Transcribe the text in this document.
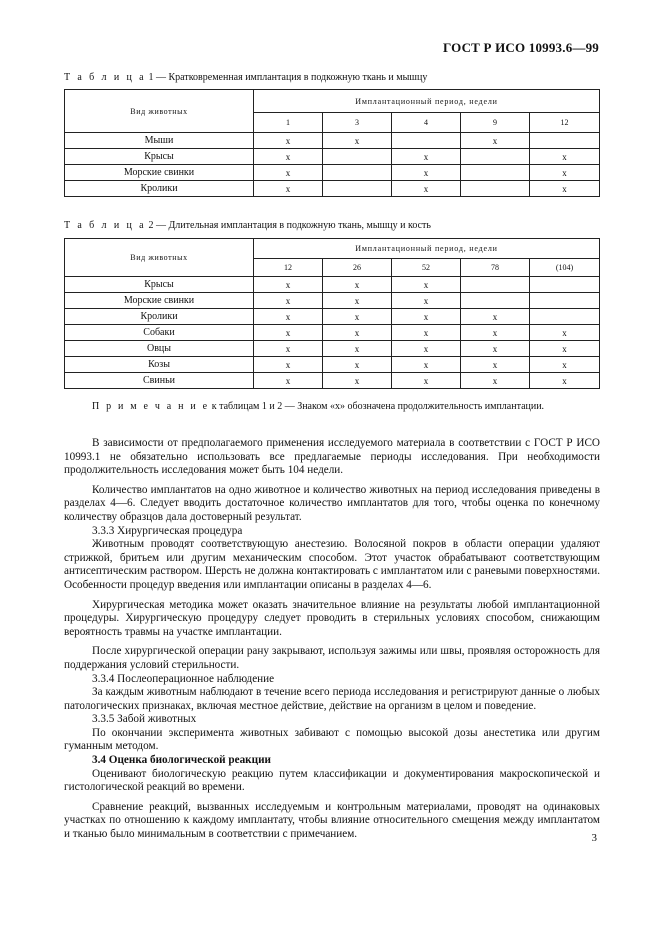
ГОСТ Р ИСО 10993.6—99
Т а б л и ц а 1 — Кратковременная имплантация в подкожную ткань и мышцу
Вид животных	Имплантационный период, недели				
	1	3	4	9	12
Мыши	x	x		x	
Крысы	x		x		x
Морские свинки	x		x		x
Кролики	x		x		x
Т а б л и ц а 2 — Длительная имплантация в подкожную ткань, мышцу и кость
Вид животных	Имплантационный период, недели				
	12	26	52	78	(104)
Крысы	x	x	x		
Морские свинки	x	x	x		
Кролики	x	x	x	x	
Собаки	x	x	x	x	x
Овцы	x	x	x	x	x
Козы	x	x	x	x	x
Свиньи	x	x	x	x	x
П р и м е ч а н и е к таблицам 1 и 2 — Знаком «х» обозначена продолжительность имплантации.

В зависимости от предполагаемого применения исследуемого материала в соответствии с ГОСТ Р ИСО 10993.1 не обязательно использовать все предлагаемые периоды исследования. При необходимости продолжительность исследования может быть 104 недели.

Количество имплантатов на одно животное и количество животных на период исследования приведены в разделах 4—6. Следует вводить достаточное количество имплантатов для того, чтобы оценка по конечному количеству образцов дала достоверный результат.

3.3.3 Хирургическая процедура

Животным проводят соответствующую анестезию. Волосяной покров в области операции удаляют стрижкой, бритьем или другим механическим способом. Этот участок обрабатывают соответствующим антисептическим раствором. Шерсть не должна контактировать с имплантатом или с раневыми поверхностями. Особенности процедур введения или имплантации описаны в разделах 4—6.

Хирургическая методика может оказать значительное влияние на результаты любой имплантационной процедуры. Хирургическую процедуру следует проводить в стерильных условиях способом, снижающим вероятность травмы на участке имплантации.

После хирургической операции рану закрывают, используя зажимы или швы, проявляя осторожность для поддержания условий стерильности.

3.3.4 Послеоперационное наблюдение

За каждым животным наблюдают в течение всего периода исследования и регистрируют данные о любых патологических признаках, включая местное действие, действие на организм в целом и поведение.

3.3.5 Забой животных

По окончании эксперимента животных забивают с помощью высокой дозы анестетика или другим гуманным методом.

3.4 Оценка биологической реакции

Оценивают биологическую реакцию путем классификации и документирования макроскопической и гистологической реакций во времени.

Сравнение реакций, вызванных исследуемым и контрольным материалами, проводят на одинаковых участках по отношению к каждому имплантату, чтобы влияние относительного смещения между имплантатом и тканью было минимальным в соответствии с примечанием.	3
